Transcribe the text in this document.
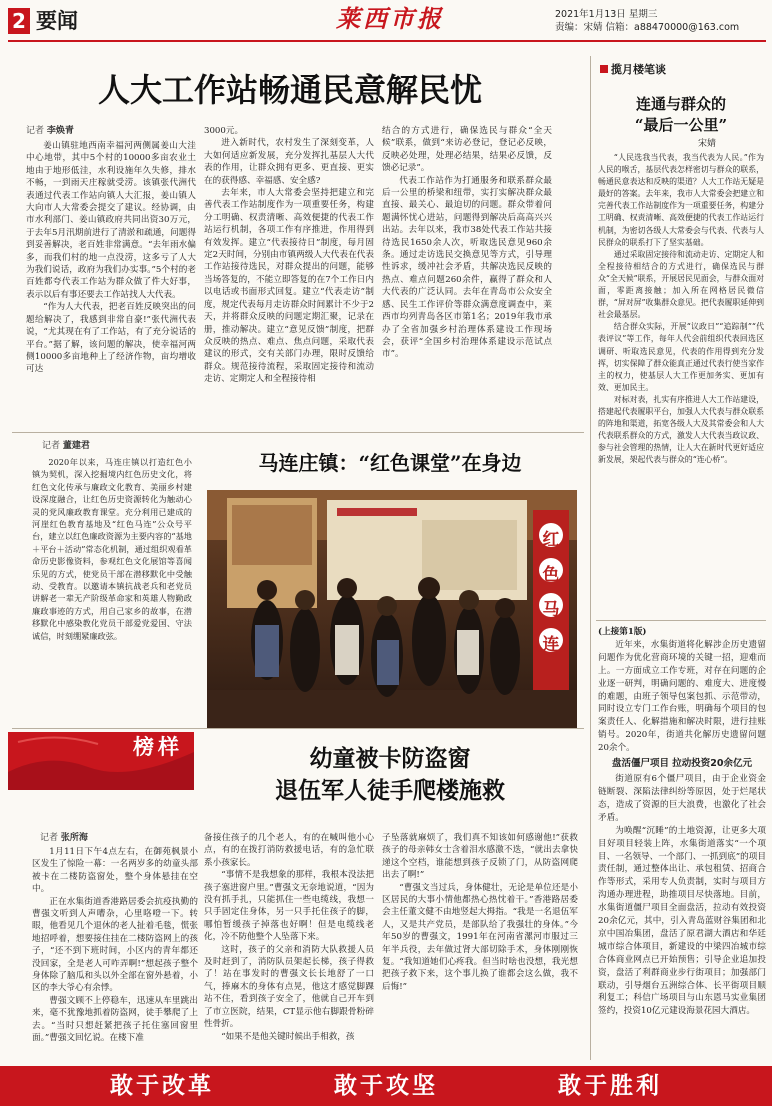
2 要闻	莱西市报	2021年1月13日 星期三
责编：宋婧 信箱：a88470000@163.com
人大工作站畅通民意解民忧
记者 李焕青

姜山镇驻地西南幸福河两侧属姜山大洼中心地带，其中5个村的10000多亩农业土地由于地形低洼，水利设施年久失修，排水不畅，一到雨天庄稼就受涝。该镇张代洲代表通过代表工作站向镇人大汇报，姜山镇人大向市人大常委会提交了建议。经协调，由市水利部门、姜山镇政府共同出资30万元，于去年5月汛期前进行了清淤和疏通，问题得到妥善解决，老百姓非常满意。“去年雨水偏多，而我们村的地一点没涝，这多亏了人大为我们说话，政府为我们办实事。”5个村的老百姓都夸代表工作站为群众做了件大好事，表示以后有事还要去工作站找人大代表。

“作为人大代表，把老百姓反映突出的问题给解决了，我感到非常自豪!”张代洲代表说，“尤其现在有了工作站，有了充分说话的平台。”据了解，该问题的解决，使幸福河两侧10000多亩地种上了经济作物，亩均增收可达

3000元。

进入新时代，农村发生了深刻变革，人大如何适应新发展，充分发挥扎基层人大代表的作用，让群众拥有更多、更直接、更实在的获得感、幸福感、安全感?

去年来，市人大常委会坚持把建立和完善代表工作站制度作为一项重要任务，构建分工明确、权责清晰、高效便捷的代表工作站运行机制，各项工作有序推进，作用得到有效发挥。建立“代表接待日”制度，每月固定2天时间，分别由市镇两级人大代表在代表工作站接待选民，对群众提出的问题，能够当场答复的，不能立即答复的在7个工作日内以电话或书面形式回复。建立“代表走访”制度，规定代表每月走访群众时间累计不少于2天，并将群众反映的问题定期汇聚，记录在册，推动解决。建立“意见反馈”制度，把群众反映的热点、难点、焦点问题，采取代表建议的形式，交有关部门办理，限时反馈给群众。规范接待流程，采取固定接待和流动走访、定期定人和全程接待相

结合的方式进行，确保选民与群众“全天候”联系，做到“来访必登记，登记必反映，反映必处理，处理必结果，结果必反馈，反馈必记录”。

代表工作站作为打通服务和联系群众最后一公里的桥梁和纽带，实打实解决群众最直接、最关心、最迫切的问题。群众带着问题满怀忧心进站，问题得到解决后高高兴兴出站。去年以来，我市38处代表工作站共接待选民1650余人次，听取选民意见960余条。通过走访选民交换意见等方式，引导理性诉求，缓冲社会矛盾，共解决选民反映的热点、难点问题260余件，赢得了群众和人大代表的广泛认同。去年在青岛市公众安全感、民生工作评价等群众满意度调查中，莱西市均列青岛各区市第1名；2019年我市承办了全省加强乡村治理体系建设工作现场会，获评“全国乡村治理体系建设示范试点市”。

马连庄镇：“红色课堂”在身边
记者 董建君

2020年以来，马连庄镇以打造红色小镇为契机，深入挖掘境内红色历史文化，将红色文化传承与廉政文化教育、美丽乡村建设深度融合，让红色历史资源转化为触动心灵的党风廉政教育课堂。充分利用已建成的河崖红色教育基地及“红色马连”公众号平台，建立以红色廉政资源为主要内容的“基地＋平台＋活动”常态化机制，通过组织观看革命历史影像资料，参观红色文化展馆等喜闻乐见的方式，使党员干部在潜移默化中受触动、受教育。以邀请本镇抗战老兵和老党员讲解老一辈无产阶级革命家和英雄人物勤政廉政事迹的方式，用自己家乡的故事，在潜移默化中感染教化党员干部爱党爱国、守法诚信，时刻绷紧廉政弦。

红色马连
榜样	幼童被卡防盗窗
退伍军人徒手爬楼施救
记者 张所海

1月11日下午4点左右，在御苑枫景小区发生了惊险一幕：一名两岁多的幼童头部被卡在二楼防盗窗处，整个身体悬挂在空中。

正在水集街道香港路居委会抗疫执勤的曹强文听到人声嘈杂，心里咯噔一下。转眼，他看见几个退休的老人扯着毛毯，慌张地招呼着，想要接住挂在二楼防盗网上的孩子，“还不到下班时间，小区内的青年都还没回家，全是老人可咋弄啊!”想起孩子整个身体除了脑瓜和头以外全部在窗外悬着，小区的李大爷心有余悸。

曹强文顾不上停稳车，迅速从车里跳出来，毫不犹豫地抓着防盗网，徒手攀爬了上去。“当时只想赶紧把孩子托住塞回窗里面。”曹强文回忆说。在楼下准

备接住孩子的几个老人，有的在喊叫他小心点，有的在拨打消防救援电话，有的急忙联系小孩家长。

“事情不是我想象的那样，我根本没法把孩子塞进窗户里。”曹强文无奈地说道，“因为没有抓手扎，只能抓住一些电缆线，我想一只手固定住身体，另一只手托住孩子的脚，哪怕暂缓孩子掉落也好啊！但是电缆线老化，冷不防他整个人坠落下来。

这时，孩子的父亲和消防大队救援人员及时赶到了，消防队员架起长梯，孩子得救了！站在事发时的曹强文长长地舒了一口气，捧麻木的身体有点晃，他这才感觉脚踝站不住，看到孩子安全了，他就自己开车到了市立医院，结果，CT显示他右脚跟骨粉碎性骨折。

“如果不是他关键时候出手相救，孩

子坠落就麻烦了，我们真不知该如何感谢他!”获救孩子的母亲韩女士含着泪水感激不迭，“就出去拿快递这个空档，谁能想到孩子反锁了门，从防盗网爬出去了啊!”

“曹强文当过兵，身体健壮，无论是单位还是小区居民的大事小情他都热心热忱着干。”香港路居委会主任董文健不由地竖起大拇指。“我是一名退伍军人，又是共产党员，是部队给了我强壮的身体。”今年50岁的曹强文，1991年在河南省漯河市服过三年半兵役，去年做过肾大部切除手术，身体刚刚恢复。“我知道她们心疼我。但当时啥也没想，我光想把孩子救下来，这个事儿换了谁都会这么做，我不后悔!”

揽月楼笔谈
连通与群众的
“最后一公里”
宋婧

“人民选我当代表，我当代表为人民。”作为人民的喉舌，基层代表怎样密切与群众的联系，畅通民意表达和反映的渠道？人大工作站无疑是最好的答案。去年来，我市人大常委会把建立和完善代表工作站制度作为一项重要任务，构建分工明确、权责清晰、高效便捷的代表工作站运行机制，为密切各级人大常委会与代表、代表与人民群众的联系打下了坚实基础。

通过采取固定接待和流动走访、定期定人和全程接待相结合的方式进行，确保选民与群众“全天候”联系，开展居民见面会，与群众面对面，零距离接触；加入所在网格居民微信群，“屏对屏”收集群众意见。把代表履职延伸到社会最基层。

结合群众实际，开展“议政日”“追踪制”“代表评议”等工作，每年人代会前组织代表回选区调研、听取选民意见，代表的作用得到充分发挥，切实保障了群众能真正通过代表行使当家作主的权力，使基层人大工作更加务实、更加有效、更加民主。

对标对表，扎实有序推进人大工作站建设，搭建起代表履职平台，加强人大代表与群众联系的阵地和渠道，拓宽各级人大及其常委会和人大代表联系群众的方式，激发人大代表当政议政、参与社会管理的热情，让人大在新时代更好适应新发展，架起代表与群众的“连心桥”。

(上接第1版)

近年来，水集街道将化解涉企历史遗留问题作为优化营商环境的关键一招，迎难而上。一方面成立工作专班，对存在问题的企业逐一研判，明确问题的、难度大、进度慢的难题，由班子领导包案包抓、示范带动，同时设立专门工作台账，明确每个项目的包案责任人、化解措施和解决时限，进行挂账销号。2020年，街道共化解历史遗留问题20余个。

盘活僵尸项目 拉动投资20余亿元

街道原有6个僵尸项目，由于企业资金链断裂、深陷法律纠纷等原因，处于烂尾状态，造成了资源的巨大浪费，也激化了社会矛盾。

为唤醒“沉睡”的土地资源，让更多大项目好项目轻装上阵，水集街道落实“一个项目、一名领导、一个部门、一抓到底”的项目责任制，通过整体出让、承包租赁、招商合作等形式，采用专人负责制，实时与项目方沟通办理进程，助推项目尽快落地。目前，水集街道僵尸项目全面盘活，拉动有效投资20余亿元，其中，引入青岛蓝财谷集团和北京中国冶集团，盘活了原君湖大酒店和华廷城市综合体项目，新建设的中梁四冶城市综合体商业网点已开始预售；引导企业追加投资，盘活了利群商业步行街项目；加强部门联动，引导烟台五洲综合体、长平街项目顺利复工；科信广场项目与山东恩马实业集团签约，投资10亿元建设海景花园大酒店。

敢于改革	敢于攻坚	敢于胜利
